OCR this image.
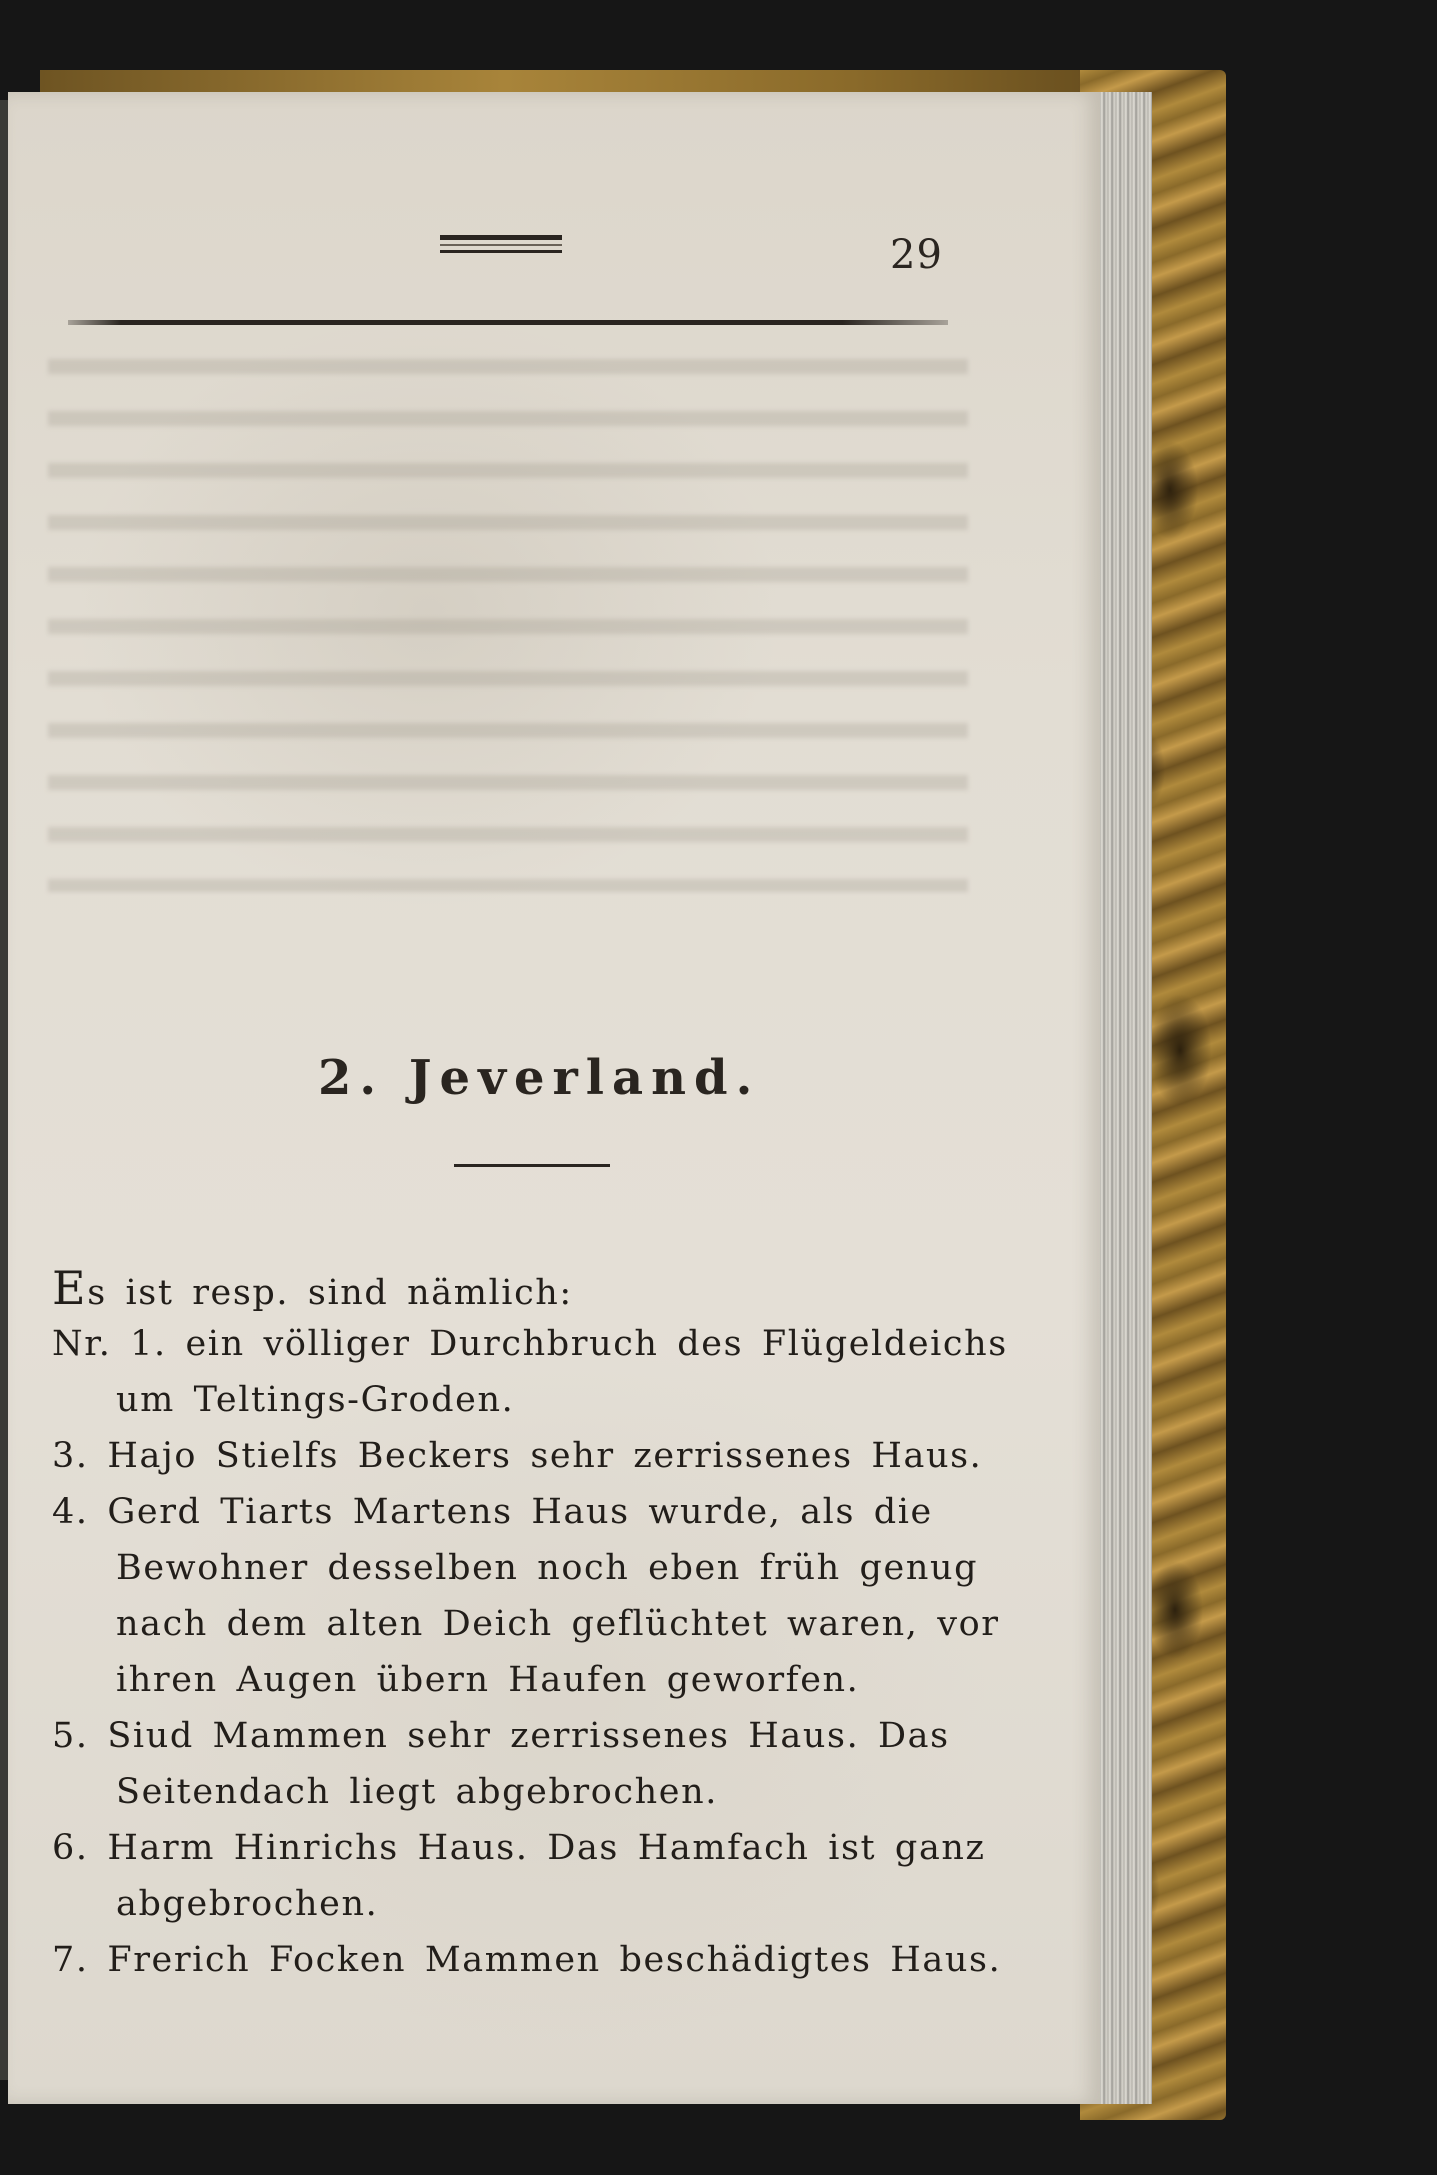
29
2. Jeverland.
Es ist resp. sind nämlich:
Nr. 1. ein völliger Durchbruch des Flügeldeichs
um Teltings-Groden.
3. Hajo Stielfs Beckers sehr zerrissenes Haus.
4. Gerd Tiarts Martens Haus wurde, als die
Bewohner desselben noch eben früh genug
nach dem alten Deich geflüchtet waren, vor
ihren Augen übern Haufen geworfen.
5. Siud Mammen sehr zerrissenes Haus. Das
Seitendach liegt abgebrochen.
6. Harm Hinrichs Haus. Das Hamfach ist ganz
abgebrochen.
7. Frerich Focken Mammen beschädigtes Haus.
